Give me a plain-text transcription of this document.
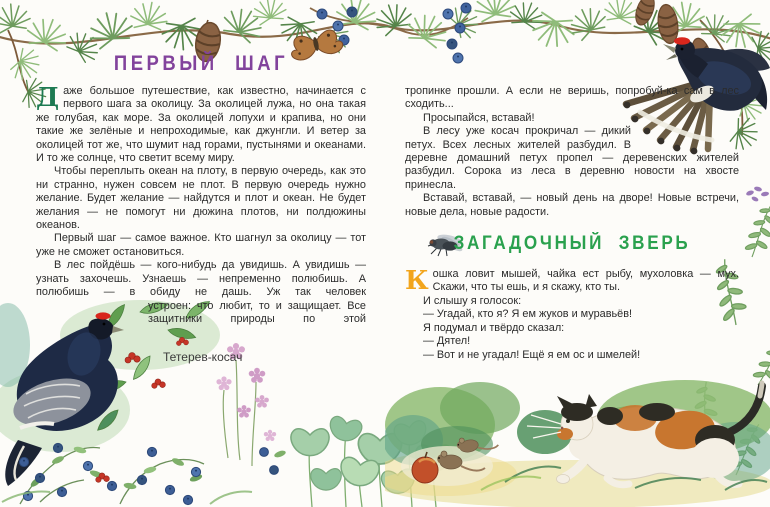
ПЕРВЫЙ ШАГ

Даже большое путешествие, как известно, начинается с первого шага за околицу. За околицей лужа, но она такая же голубая, как море. За околицей лопухи и крапива, но они такие же зелёные и непроходимые, как джунгли. И ветер за околицей тот же, что шумит над горами, пустынями и океанами. И то же солнце, что светит всему миру.

Чтобы переплыть океан на плоту, в первую очередь, как это ни странно, нужен совсем не плот. В первую очередь нужно желание. Будет желание — найдутся и плот и океан. Не будет желания — не помогут ни дюжина плотов, ни полдюжины океанов.

Первый шаг — самое важное. Кто шагнул за околицу — тот уже не сможет остановиться.

В лес пойдёшь — кого-нибудь да увидишь. А увидишь — узнать захочешь. Узнаешь — непременно полюбишь. А полюбишь — в обиду не дашь. Уж так человек

устроен: что любит, то и защищает. Все защитники природы по этой

Тетерев-косач

тропинке прошли. А если не веришь, попробуй-ка сам в лес сходить...

Просыпайся, вставай!

В лесу уже косач прокричал — дикий петух. Всех лесных жителей разбудил. В деревне домашний петух пропел — деревенских жителей разбудил. Сорока из леса в деревню новости на хвосте принесла.

Вставай, вставай, — новый день на дворе! Новые встречи, новые дела, новые радости.

ЗАГАДОЧНЫЙ ЗВЕРЬ

Кошка ловит мышей, чайка ест рыбу, мухоловка — мух. Скажи, что ты ешь, и я скажу, кто ты.

И слышу я голосок:

— Угадай, кто я? Я ем жуков и муравьёв!

Я подумал и твёрдо сказал:

— Дятел!

— Вот и не угадал! Ещё я ем ос и шмелей!
